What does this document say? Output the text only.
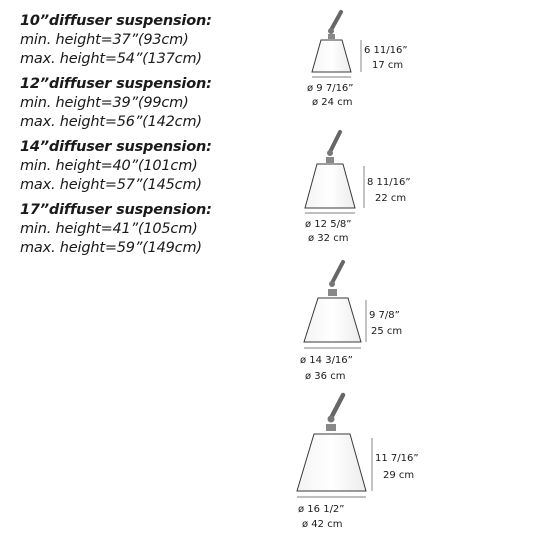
10”diffuser suspension:
min. height=37”(93cm)
max. height=54”(137cm)
12”diffuser suspension:
min. height=39”(99cm)
max. height=56”(142cm)
14”diffuser suspension:
min. height=40”(101cm)
max. height=57”(145cm)
17”diffuser suspension:
min. height=41”(105cm)
max. height=59”(149cm)
6 11/16”
17 cm
ø 9 7/16”
ø 24 cm
8 11/16”
22 cm
ø 12 5/8”
ø 32 cm
9 7/8”
25 cm
ø 14 3/16”
ø 36 cm
11 7/16”
29 cm
ø 16 1/2”
ø 42 cm
